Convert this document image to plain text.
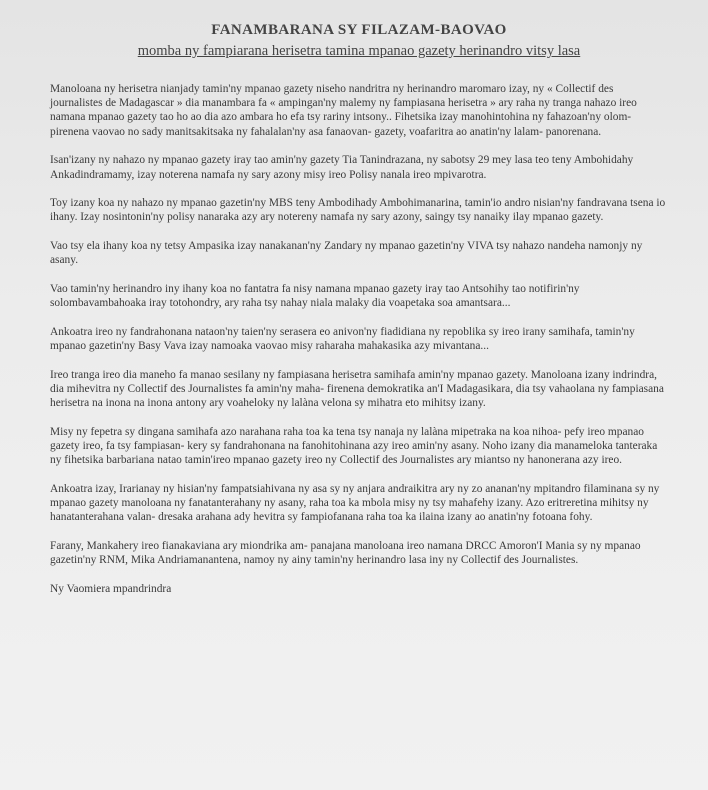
FANAMBARANA SY FILAZAM-BAOVAO
momba ny fampiarana herisetra tamina mpanao gazety herinandro vitsy lasa

Manoloana ny herisetra nianjady tamin'ny mpanao gazety niseho nandritra ny herinandro maromaro izay, ny « Collectif des journalistes de Madagascar » dia manambara fa « ampingan'ny malemy ny fampiasana herisetra » ary raha ny tranga nahazo ireo namana mpanao gazety tao ho ao dia azo ambara ho efa tsy rariny intsony.. Fihetsika izay manohintohina ny fahazoan'ny olom- pirenena vaovao no sady manitsakitsaka ny fahalalan'ny asa fanaovan- gazety, voafaritra ao anatin'ny lalam- panorenana.

Isan'izany ny nahazo ny mpanao gazety iray tao amin'ny gazety Tia Tanindrazana, ny sabotsy 29 mey lasa teo teny Ambohidahy Ankadindramamy, izay noterena namafa ny sary azony misy ireo Polisy nanala ireo mpivarotra.

Toy izany koa ny nahazo ny mpanao gazetin'ny MBS teny Ambodihady Ambohimanarina, tamin'io andro nisian'ny fandravana tsena io ihany. Izay nosintonin'ny polisy nanaraka azy ary notereny namafa ny sary azony, saingy tsy nanaiky ilay mpanao gazety.

Vao tsy ela ihany koa ny tetsy Ampasika izay nanakanan'ny Zandary ny mpanao gazetin'ny VIVA tsy nahazo nandeha namonjy ny asany.

Vao tamin'ny herinandro iny ihany koa no fantatra fa nisy namana mpanao gazety iray tao Antsohihy tao notifirin'ny solombavambahoaka iray totohondry, ary raha tsy nahay niala malaky dia voapetaka soa amantsara...

Ankoatra ireo ny fandrahonana nataon'ny taien'ny serasera eo anivon'ny fiadidiana ny repoblika sy ireo irany samihafa, tamin'ny mpanao gazetin'ny Basy Vava izay namoaka vaovao misy raharaha mahakasika azy mivantana...

Ireo tranga ireo dia maneho fa manao sesilany ny fampiasana herisetra samihafa amin'ny mpanao gazety. Manoloana izany indrindra, dia mihevitra ny Collectif des Journalistes fa amin'ny maha- firenena demokratika an'I Madagasikara, dia tsy vahaolana ny fampiasana herisetra na inona na inona antony ary voaheloky ny lalàna velona sy mihatra eto mihitsy izany.

Misy ny fepetra sy dingana samihafa azo narahana raha toa ka tena tsy nanaja ny lalàna mipetraka na koa nihoa- pefy ireo mpanao gazety ireo, fa tsy fampiasan- kery sy fandrahonana na fanohitohinana azy ireo amin'ny asany. Noho izany dia manameloka tanteraka ny fihetsika barbariana natao tamin'ireo mpanao gazety ireo ny Collectif des Journalistes ary miantso ny hanonerana azy ireo.

Ankoatra izay, Irarianay ny hisian'ny fampatsiahivana ny asa sy ny anjara andraikitra ary ny zo ananan'ny mpitandro filaminana sy ny mpanao gazety manoloana ny fanatanterahany ny asany, raha toa ka mbola misy ny tsy mahafehy izany. Azo eritreretina mihitsy ny hanatanterahana valan- dresaka arahana ady hevitra sy fampiofanana raha toa ka ilaina izany ao anatin'ny fotoana fohy.

Farany, Mankahery ireo fianakaviana ary miondrika am- panajana manoloana ireo namana DRCC Amoron'I Mania sy ny mpanao gazetin'ny RNM, Mika Andriamanantena, namoy ny ainy tamin'ny herinandro lasa iny ny Collectif des Journalistes.

Ny Vaomiera mpandrindra
